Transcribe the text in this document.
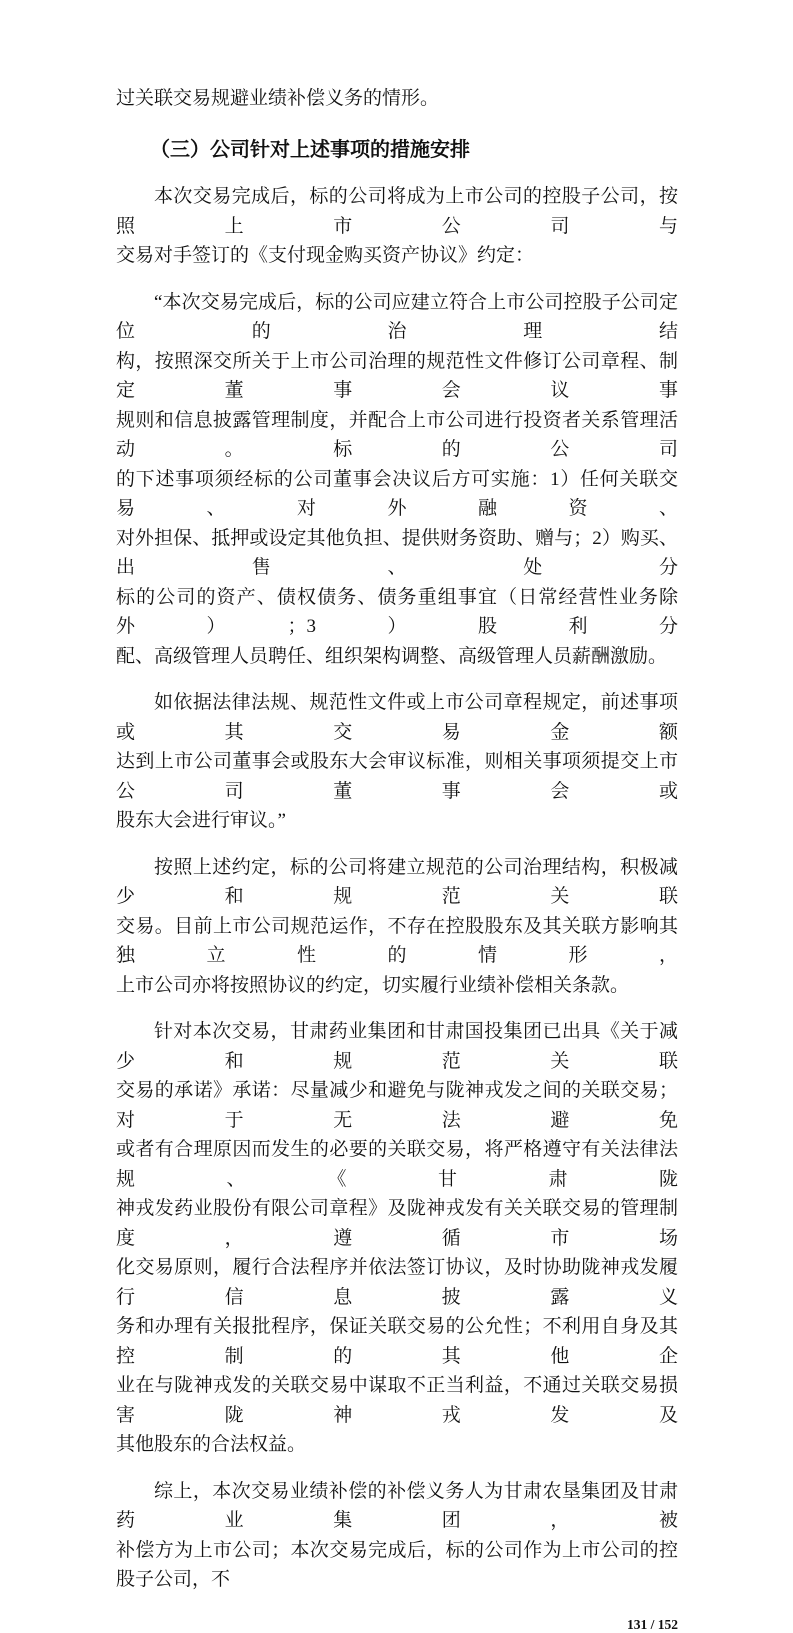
过关联交易规避业绩补偿义务的情形。
（三）公司针对上述事项的措施安排
本次交易完成后，标的公司将成为上市公司的控股子公司，按照上市公司与
交易对手签订的《支付现金购买资产协议》约定：
“本次交易完成后，标的公司应建立符合上市公司控股子公司定位的治理结
构，按照深交所关于上市公司治理的规范性文件修订公司章程、制定董事会议事
规则和信息披露管理制度，并配合上市公司进行投资者关系管理活动。标的公司
的下述事项须经标的公司董事会决议后方可实施：1）任何关联交易、对外融资、
对外担保、抵押或设定其他负担、提供财务资助、赠与；2）购买、出售、处分
标的公司的资产、债权债务、债务重组事宜（日常经营性业务除外）；3）股利分
配、高级管理人员聘任、组织架构调整、高级管理人员薪酬激励。
如依据法律法规、规范性文件或上市公司章程规定，前述事项或其交易金额
达到上市公司董事会或股东大会审议标准，则相关事项须提交上市公司董事会或
股东大会进行审议。”
按照上述约定，标的公司将建立规范的公司治理结构，积极减少和规范关联
交易。目前上市公司规范运作，不存在控股股东及其关联方影响其独立性的情形，
上市公司亦将按照协议的约定，切实履行业绩补偿相关条款。
针对本次交易，甘肃药业集团和甘肃国投集团已出具《关于减少和规范关联
交易的承诺》承诺：尽量减少和避免与陇神戎发之间的关联交易；对于无法避免
或者有合理原因而发生的必要的关联交易，将严格遵守有关法律法规、《甘肃陇
神戎发药业股份有限公司章程》及陇神戎发有关关联交易的管理制度，遵循市场
化交易原则，履行合法程序并依法签订协议，及时协助陇神戎发履行信息披露义
务和办理有关报批程序，保证关联交易的公允性；不利用自身及其控制的其他企
业在与陇神戎发的关联交易中谋取不正当利益，不通过关联交易损害陇神戎发及
其他股东的合法权益。
综上，本次交易业绩补偿的补偿义务人为甘肃农垦集团及甘肃药业集团，被
补偿方为上市公司；本次交易完成后，标的公司作为上市公司的控股子公司，不
131 / 152
